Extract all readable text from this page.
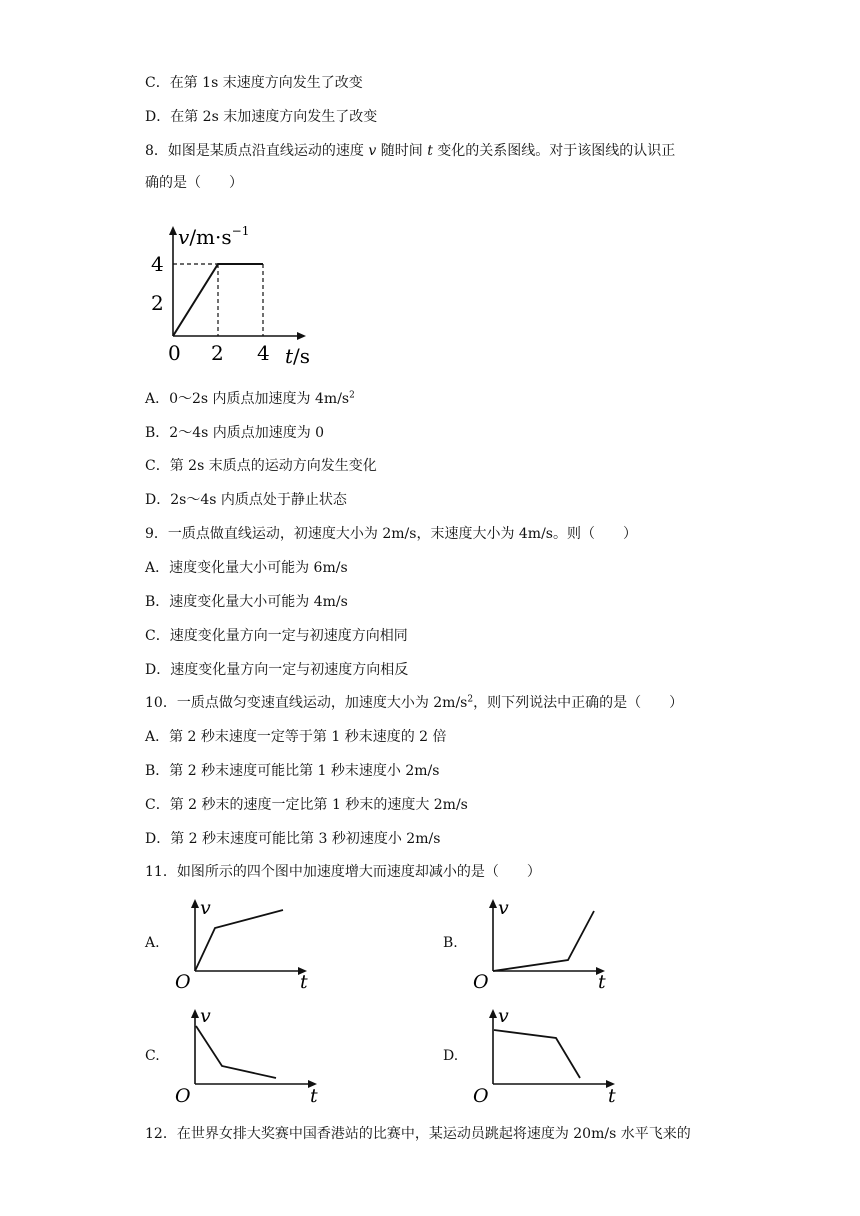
C．在第 1s 末速度方向发生了改变
D．在第 2s 末加速度方向发生了改变
8．如图是某质点沿直线运动的速度 v 随时间 t 变化的关系图线。对于该图线的认识正
确的是（　　）
$v/m\cdot s^{-1}$
t/s
4
2
0 2 4
A．0～2s 内质点加速度为 $4m/s^2$
B．2～4s 内质点加速度为 0
C．第 2s 末质点的运动方向发生变化
D．2s～4s 内质点处于静止状态
9．一质点做直线运动，初速度大小为 2m/s，末速度大小为 4m/s。则（　　）
A．速度变化量大小可能为 6m/s
B．速度变化量大小可能为 4m/s
C．速度变化量方向一定与初速度方向相同
D．速度变化量方向一定与初速度方向相反
10．一质点做匀变速直线运动，加速度大小为 $2m/s^2$，则下列说法中正确的是（　　）
A．第 2 秒末速度一定等于第 1 秒末速度的 2 倍
B．第 2 秒末速度可能比第 1 秒末速度小 2m/s
C．第 2 秒末的速度一定比第 1 秒末的速度大 2m/s
D．第 2 秒末速度可能比第 3 秒初速度小 2m/s
11．如图所示的四个图中加速度增大而速度却减小的是（　　）
A.
v
O	t
B.
v
O	t
C.
v
O	t
D.
v
O	t
12．在世界女排大奖赛中国香港站的比赛中，某运动员跳起将速度为 20m/s 水平飞来的
